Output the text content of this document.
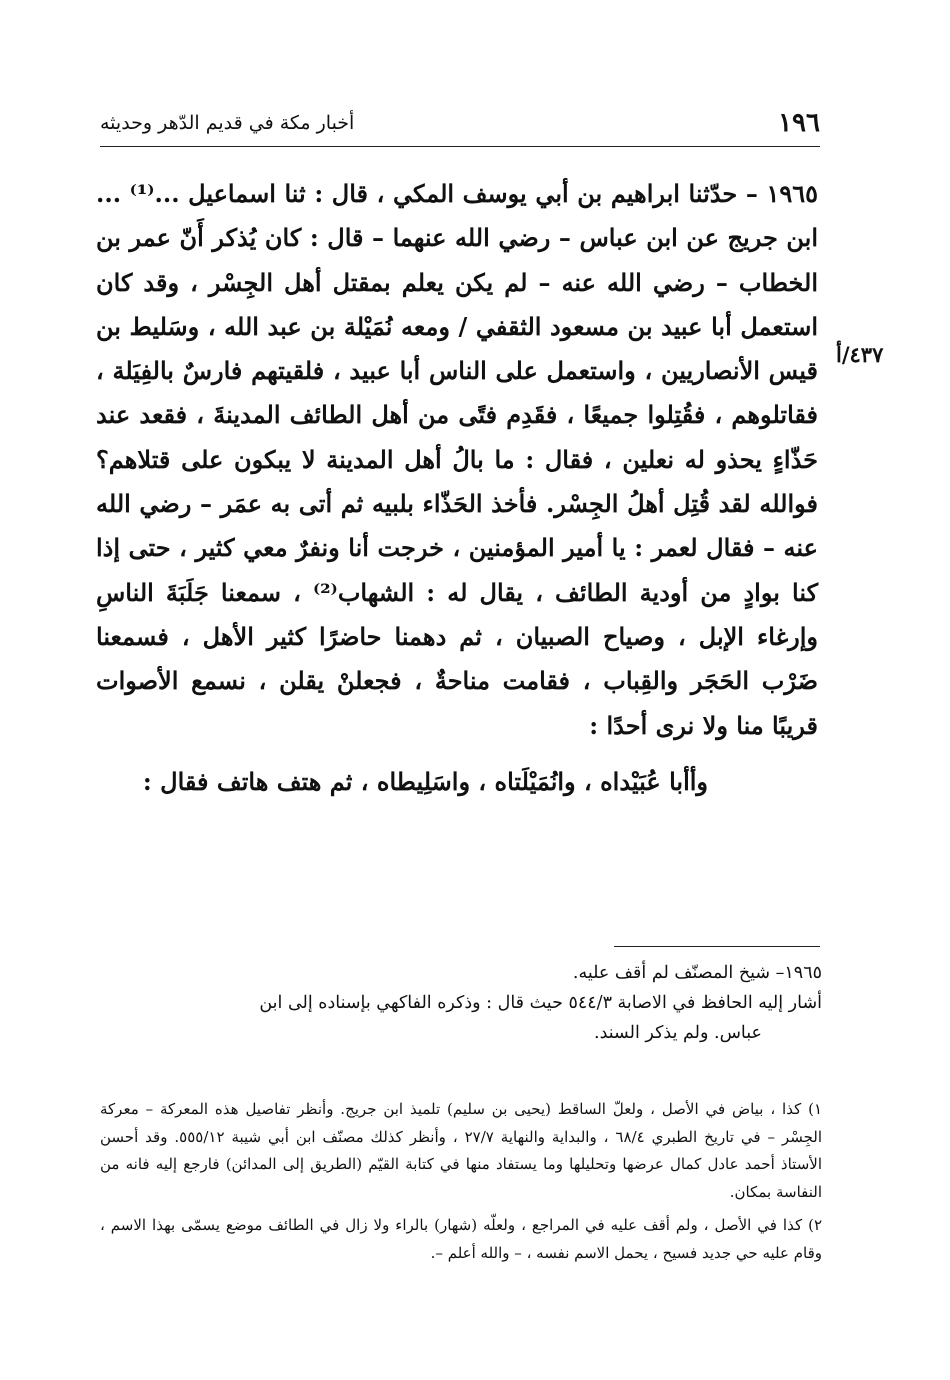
١٩٦
أخبار مكة في قديم الدّهر وحديثه

١٩٦٥ – حدّثنا ابراهيم بن أبي يوسف المكي ، قال : ثنا اسماعيل ...⁽¹⁾ ... ابن جريج عن ابن عباس – رضي الله عنهما – قال : كان يُذكر أَنّ عمر بن الخطاب – رضي الله عنه – لم يكن يعلم بمقتل أهل الجِسْر ، وقد كان استعمل أبا عبيد بن مسعود الثقفي / ومعه نُمَيْلة بن عبد الله ، وسَليط بن قيس الأنصاريين ، واستعمل على الناس أبا عبيد ، فلقيتهم فارسٌ بالفِيَلة ، فقاتلوهم ، فقُتِلوا جميعًا ، فقَدِم فتًى من أهل الطائف المدينةَ ، فقعد عند حَذّاءٍ يحذو له نعلين ، فقال : ما بالُ أهل المدينة لا يبكون على قتلاهم؟ فوالله لقد قُتِل أهلُ الجِسْر. فأخذ الحَذّاء بلبيه ثم أتى به عمَر – رضي الله عنه – فقال لعمر : يا أمير المؤمنين ، خرجت أنا ونفرٌ معي كثير ، حتى إذا كنا بوادٍ من أودية الطائف ، يقال له : الشهاب⁽²⁾ ، سمعنا جَلَبَةَ الناسِ وإرغاء الإبل ، وصياح الصبيان ، ثم دهمنا حاضرًا كثير الأهل ، فسمعنا ضَرْب الحَجَر والقِباب ، فقامت مناحةٌ ، فجعلنْ يقلن ، نسمع الأصوات قريبًا منا ولا نرى أحدًا :

وأأبا عُبَيْداه ، وانُمَيْلَتاه ، واسَلِيطاه ، ثم هتف هاتف فقال :

٤٣٧/أ

١٩٦٥– شيخ المصنّف لم أقف عليه.

أشار إليه الحافظ في الاصابة ٥٤٤/٣ حيث قال : وذكره الفاكهي بإسناده إلى ابن

عباس. ولم يذكر السند.

١) كذا ، بياض في الأصل ، ولعلّ الساقط (يحيى بن سليم) تلميذ ابن جريج. وأنظر تفاصيل هذه المعركة – معركة الجِسْر – في تاريخ الطبري ٦٨/٤ ، والبداية والنهاية ٢٧/٧ ، وأنظر كذلك مصنّف ابن أبي شيبة ٥٥٥/١٢. وقد أحسن الأستاذ أحمد عادل كمال عرضها وتحليلها وما يستفاد منها في كتابة القيّم (الطريق إلى المدائن) فارجع إليه فانه من النفاسة بمكان.

٢) كذا في الأصل ، ولم أقف عليه في المراجع ، ولعلّه (شهار) بالراء ولا زال في الطائف موضع يسمّى بهذا الاسم ، وقام عليه حي جديد فسيح ، يحمل الاسم نفسه ، – والله أعلم –.
